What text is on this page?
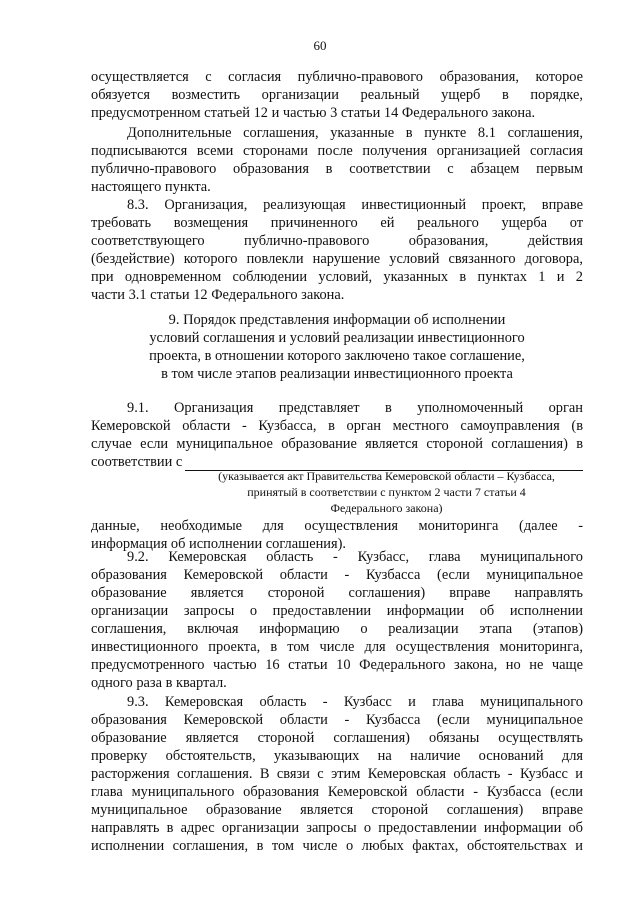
60
осуществляется с согласия публично-правового образования, которое
обязуется возместить организации реальный ущерб в порядке,
предусмотренном статьей 12 и частью 3 статьи 14 Федерального закона.
Дополнительные соглашения, указанные в пункте 8.1 соглашения,
подписываются всеми сторонами после получения организацией согласия
публично-правового образования в соответствии с абзацем первым
настоящего пункта.
8.3. Организация, реализующая инвестиционный проект, вправе
требовать возмещения причиненного ей реального ущерба от
соответствующего публично-правового образования, действия
(бездействие) которого повлекли нарушение условий связанного договора,
при одновременном соблюдении условий, указанных в пунктах 1 и 2
части 3.1 статьи 12 Федерального закона.
9. Порядок представления информации об исполнении
условий соглашения и условий реализации инвестиционного
проекта, в отношении которого заключено такое соглашение,
в том числе этапов реализации инвестиционного проекта
9.1. Организация представляет в уполномоченный орган
Кемеровской области - Кузбасса, в орган местного самоуправления (в
случае если муниципальное образование является стороной соглашения) в
соответствии с
(указывается акт Правительства Кемеровской области – Кузбасса,
принятый в соответствии с пунктом 2 части 7 статьи 4
Федерального закона)
данные, необходимые для осуществления мониторинга (далее -
информация об исполнении соглашения).
9.2. Кемеровская область - Кузбасс, глава муниципального
образования Кемеровской области - Кузбасса (если муниципальное
образование является стороной соглашения) вправе направлять
организации запросы о предоставлении информации об исполнении
соглашения, включая информацию о реализации этапа (этапов)
инвестиционного проекта, в том числе для осуществления мониторинга,
предусмотренного частью 16 статьи 10 Федерального закона, но не чаще
одного раза в квартал.
9.3. Кемеровская область - Кузбасс и глава муниципального
образования Кемеровской области - Кузбасса (если муниципальное
образование является стороной соглашения) обязаны осуществлять
проверку обстоятельств, указывающих на наличие оснований для
расторжения соглашения. В связи с этим Кемеровская область - Кузбасс и
глава муниципального образования Кемеровской области - Кузбасса (если
муниципальное образование является стороной соглашения) вправе
направлять в адрес организации запросы о предоставлении информации об
исполнении соглашения, в том числе о любых фактах, обстоятельствах и
